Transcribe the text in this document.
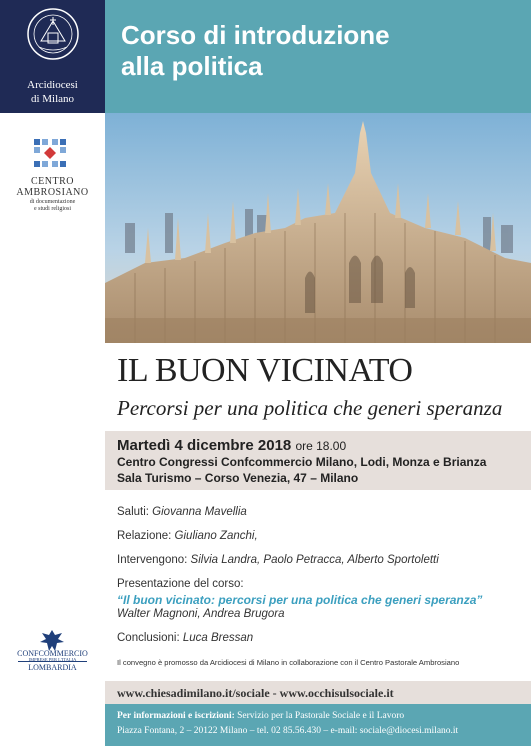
Arcidiocesi
di Milano
CENTRO
AMBROSIANO
di documentazione
e studi religiosi
CONFCOMMERCIO
IMPRESE PER L'ITALIA
LOMBARDIA
Corso di introduzione
alla politica
IL BUON VICINATO
Percorsi per una politica che generi speranza
Martedì 4 dicembre 2018 ore 18.00
Centro Congressi Confcommercio Milano, Lodi, Monza e Brianza
Sala Turismo – Corso Venezia, 47 – Milano
Saluti: Giovanna Mavellia
Relazione: Giuliano Zanchi,
Intervengono: Silvia Landra, Paolo Petracca, Alberto Sportoletti
Presentazione del corso:
“Il buon vicinato: percorsi per una politica che generi speranza”
Walter Magnoni, Andrea Brugora
Conclusioni: Luca Bressan
Il convegno è promosso da Arcidiocesi di Milano in collaborazione con il Centro Pastorale Ambrosiano
www.chiesadimilano.it/sociale - www.occhisulsociale.it
Per informazioni e iscrizioni: Servizio per la Pastorale Sociale e il Lavoro
Piazza Fontana, 2 – 20122 Milano – tel. 02 85.56.430 – e-mail: sociale@diocesi.milano.it
